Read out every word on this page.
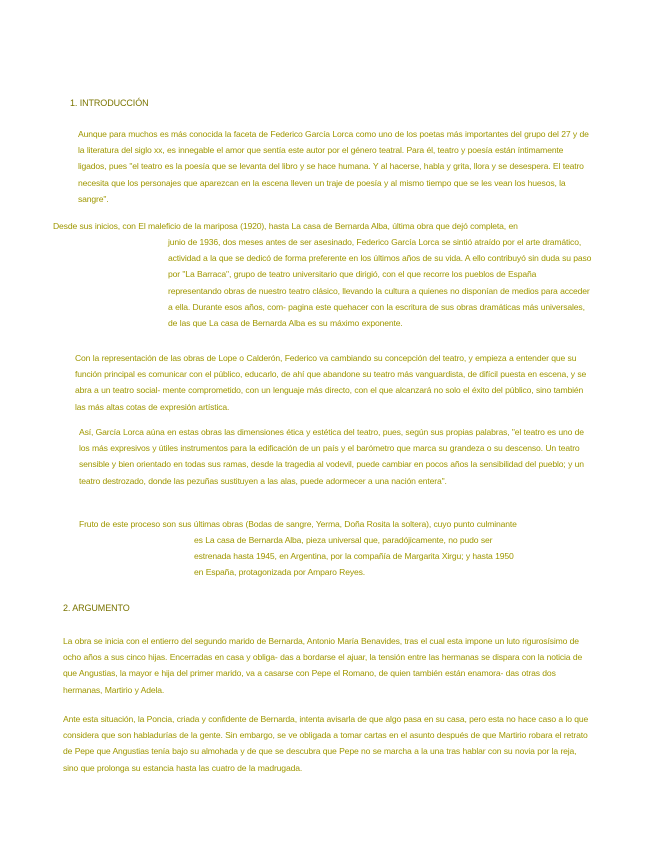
1. INTRODUCCIÓN

Aunque para muchos es más conocida la faceta de Federico García Lorca como uno de los poetas más importantes del grupo del 27 y de la literatura del siglo xx, es innegable el amor que sentía este autor por el género teatral. Para él, teatro y poesía están íntimamente ligados, pues "el teatro es la poesía que se levanta del libro y se hace humana. Y al hacerse, habla y grita, llora y se desespera. El teatro necesita que los personajes que aparezcan en la escena lleven un traje de poesía y al mismo tiempo que se les vean los huesos, la sangre".

Desde sus inicios, con El maleficio de la mariposa (1920), hasta La casa de Bernarda Alba, última obra que dejó completa, en

junio de 1936, dos meses antes de ser asesinado, Federico García Lorca se sintió atraído por el arte dramático, actividad a la que se dedicó de forma preferente en los últimos años de su vida. A ello contribuyó sin duda su paso por "La Barraca", grupo de teatro universitario que dirigió, con el que recorre los pueblos de España representando obras de nuestro teatro clásico, llevando la cultura a quienes no disponían de medios para acceder a ella. Durante esos años, com- pagina este quehacer con la escritura de sus obras dramáticas más universales, de las que La casa de Bernarda Alba es su máximo exponente.

Con la representación de las obras de Lope o Calderón, Federico va cambiando su concepción del teatro, y empieza a entender que su función principal es comunicar con el público, educarlo, de ahí que abandone su teatro más vanguardista, de difícil puesta en escena, y se abra a un teatro social- mente comprometido, con un lenguaje más directo, con el que alcanzará no solo el éxito del público, sino también las más altas cotas de expresión artística.

Así, García Lorca aúna en estas obras las dimensiones ética y estética del teatro, pues, según sus propias palabras, "el teatro es uno de los más expresivos y útiles instrumentos para la edificación de un país y el barómetro que marca su grandeza o su descenso. Un teatro sensible y bien orientado en todas sus ramas, desde la tragedia al vodevil, puede cambiar en pocos años la sensibilidad del pueblo; y un teatro destrozado, donde las pezuñas sustituyen a las alas, puede adormecer a una nación entera".

Fruto de este proceso son sus últimas obras (Bodas de sangre, Yerma, Doña Rosita la soltera), cuyo punto culminante

es La casa de Bernarda Alba, pieza universal que, paradójicamente, no pudo ser estrenada hasta 1945, en Argentina, por la compañía de Margarita Xirgu; y hasta 1950 en España, protagonizada por Amparo Reyes.

2. ARGUMENTO

La obra se inicia con el entierro del segundo marido de Bernarda, Antonio María Benavides, tras el cual esta impone un luto rigurosísimo de ocho años a sus cinco hijas. Encerradas en casa y obliga- das a bordarse el ajuar, la tensión entre las hermanas se dispara con la noticia de que Angustias, la mayor e hija del primer marido, va a casarse con Pepe el Romano, de quien también están enamora- das otras dos hermanas, Martirio y Adela.

Ante esta situación, la Poncia, criada y confidente de Bernarda, intenta avisarla de que algo pasa en su casa, pero esta no hace caso a lo que considera que son habladurías de la gente. Sin embargo, se ve obligada a tomar cartas en el asunto después de que Martirio robara el retrato de Pepe que Angustias tenía bajo su almohada y de que se descubra que Pepe no se marcha a la una tras hablar con su novia por la reja, sino que prolonga su estancia hasta las cuatro de la madrugada.
